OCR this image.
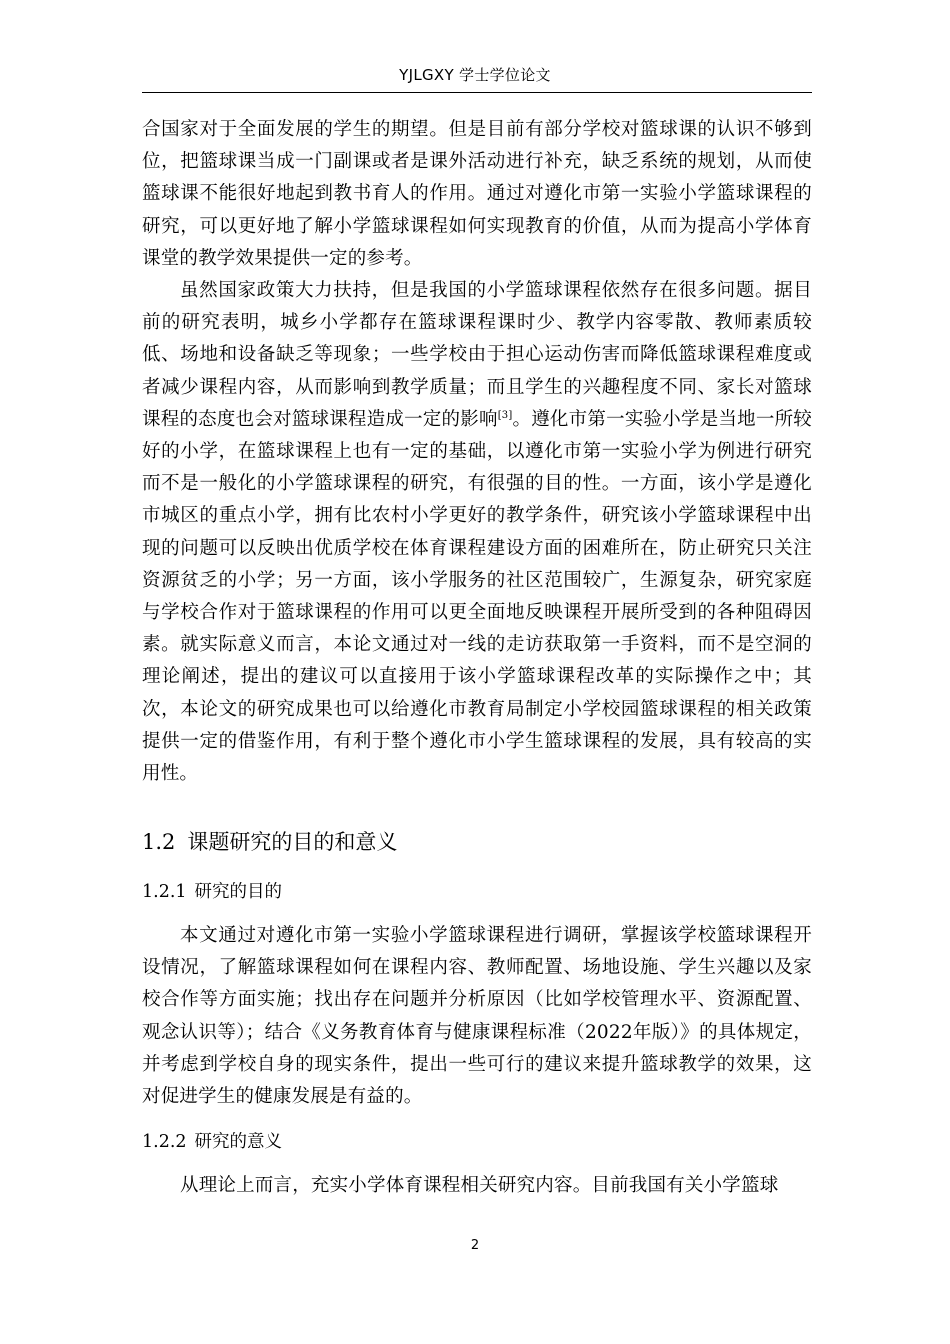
YJLGXY 学士学位论文

合国家对于全面发展的学生的期望。但是目前有部分学校对篮球课的认识不够到位，把篮球课当成一门副课或者是课外活动进行补充，缺乏系统的规划，从而使篮球课不能很好地起到教书育人的作用。通过对遵化市第一实验小学篮球课程的研究，可以更好地了解小学篮球课程如何实现教育的价值，从而为提高小学体育课堂的教学效果提供一定的参考。

虽然国家政策大力扶持，但是我国的小学篮球课程依然存在很多问题。据目前的研究表明，城乡小学都存在篮球课程课时少、教学内容零散、教师素质较低、场地和设备缺乏等现象；一些学校由于担心运动伤害而降低篮球课程难度或者减少课程内容，从而影响到教学质量；而且学生的兴趣程度不同、家长对篮球课程的态度也会对篮球课程造成一定的影响[3]。遵化市第一实验小学是当地一所较好的小学，在篮球课程上也有一定的基础，以遵化市第一实验小学为例进行研究而不是一般化的小学篮球课程的研究，有很强的目的性。一方面，该小学是遵化市城区的重点小学，拥有比农村小学更好的教学条件，研究该小学篮球课程中出现的问题可以反映出优质学校在体育课程建设方面的困难所在，防止研究只关注资源贫乏的小学；另一方面，该小学服务的社区范围较广，生源复杂，研究家庭与学校合作对于篮球课程的作用可以更全面地反映课程开展所受到的各种阻碍因素。就实际意义而言，本论文通过对一线的走访获取第一手资料，而不是空洞的理论阐述，提出的建议可以直接用于该小学篮球课程改革的实际操作之中；其次，本论文的研究成果也可以给遵化市教育局制定小学校园篮球课程的相关政策提供一定的借鉴作用，有利于整个遵化市小学生篮球课程的发展，具有较高的实用性。

1.2 课题研究的目的和意义
1.2.1 研究的目的

本文通过对遵化市第一实验小学篮球课程进行调研，掌握该学校篮球课程开设情况，了解篮球课程如何在课程内容、教师配置、场地设施、学生兴趣以及家校合作等方面实施；找出存在问题并分析原因（比如学校管理水平、资源配置、观念认识等）；结合《义务教育体育与健康课程标准（2022年版）》的具体规定，并考虑到学校自身的现实条件，提出一些可行的建议来提升篮球教学的效果，这对促进学生的健康发展是有益的。

1.2.2 研究的意义

从理论上而言，充实小学体育课程相关研究内容。目前我国有关小学篮球

2
